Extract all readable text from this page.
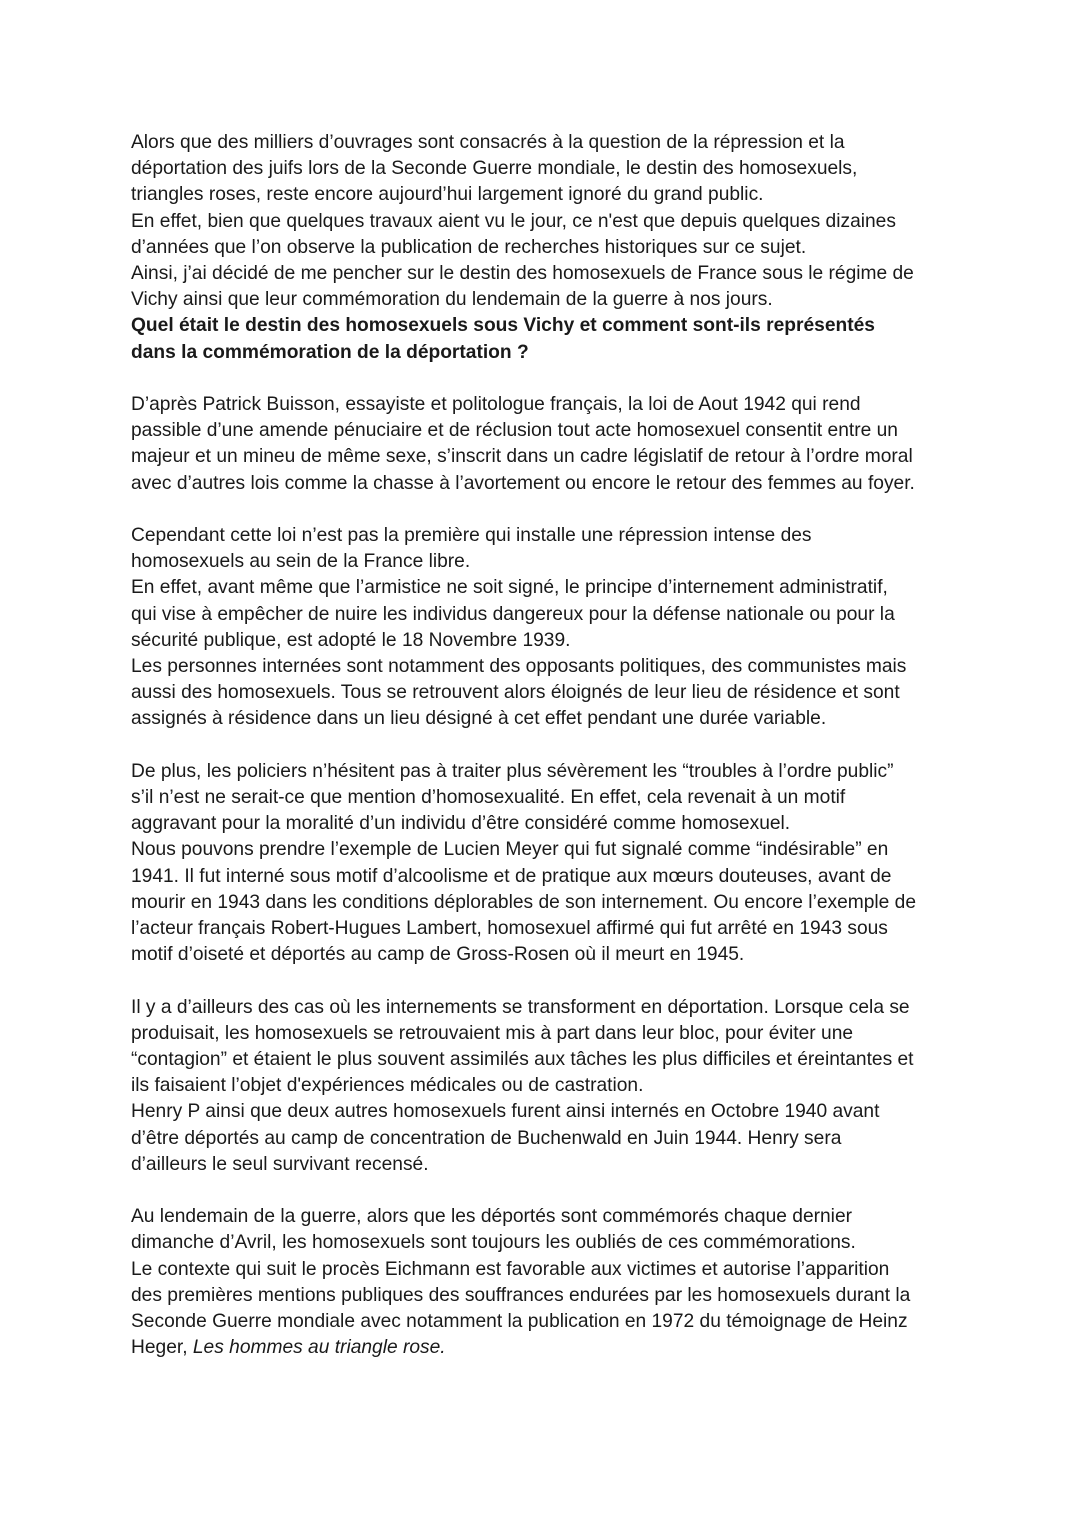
Alors que des milliers d’ouvrages sont consacrés à la question de la répression et la
déportation des juifs lors de la Seconde Guerre mondiale, le destin des homosexuels,
triangles roses, reste encore aujourd’hui largement ignoré du grand public.
En effet, bien que quelques travaux aient vu le jour, ce n'est que depuis quelques dizaines
d’années que l’on observe la publication de recherches historiques sur ce sujet.
Ainsi, j’ai décidé de me pencher sur le destin des homosexuels de France sous le régime de
Vichy ainsi que leur commémoration du lendemain de la guerre à nos jours.
Quel était le destin des homosexuels sous Vichy et comment sont-ils représentés
dans la commémoration de la déportation ?

D’après Patrick Buisson, essayiste et politologue français, la loi de Aout 1942 qui rend
passible d’une amende pénuciaire et de réclusion tout acte homosexuel consentit entre un
majeur et un mineu de même sexe, s’inscrit dans un cadre législatif de retour à l’ordre moral
avec d’autres lois comme la chasse à l’avortement ou encore le retour des femmes au foyer.

Cependant cette loi n’est pas la première qui installe une répression intense des
homosexuels au sein de la France libre.
En effet, avant même que l’armistice ne soit signé, le principe d’internement administratif,
qui vise à empêcher de nuire les individus dangereux pour la défense nationale ou pour la
sécurité publique, est adopté le 18 Novembre 1939.
Les personnes internées sont notamment des opposants politiques, des communistes mais
aussi des homosexuels. Tous se retrouvent alors éloignés de leur lieu de résidence et sont
assignés à résidence dans un lieu désigné à cet effet pendant une durée variable.

De plus, les policiers n’hésitent pas à traiter plus sévèrement les “troubles à l’ordre public”
s’il n’est ne serait-ce que mention d’homosexualité. En effet, cela revenait à un motif
aggravant pour la moralité d’un individu d’être considéré comme homosexuel.
Nous pouvons prendre l’exemple de Lucien Meyer qui fut signalé comme “indésirable” en
1941. Il fut interné sous motif d’alcoolisme et de pratique aux mœurs douteuses, avant de
mourir en 1943 dans les conditions déplorables de son internement. Ou encore l’exemple de
l’acteur français Robert-Hugues Lambert, homosexuel affirmé qui fut arrêté en 1943 sous
motif d’oiseté et déportés au camp de Gross-Rosen où il meurt en 1945.

Il y a d’ailleurs des cas où les internements se transforment en déportation. Lorsque cela se
produisait, les homosexuels se retrouvaient mis à part dans leur bloc, pour éviter une
“contagion” et étaient le plus souvent assimilés aux tâches les plus difficiles et éreintantes et
ils faisaient l’objet d'expériences médicales ou de castration.
Henry P ainsi que deux autres homosexuels furent ainsi internés en Octobre 1940 avant
d’être déportés au camp de concentration de Buchenwald en Juin 1944. Henry sera
d’ailleurs le seul survivant recensé.

Au lendemain de la guerre, alors que les déportés sont commémorés chaque dernier
dimanche d’Avril, les homosexuels sont toujours les oubliés de ces commémorations.
Le contexte qui suit le procès Eichmann est favorable aux victimes et autorise l’apparition
des premières mentions publiques des souffrances endurées par les homosexuels durant la
Seconde Guerre mondiale avec notamment la publication en 1972 du témoignage de Heinz
Heger, Les hommes au triangle rose.
